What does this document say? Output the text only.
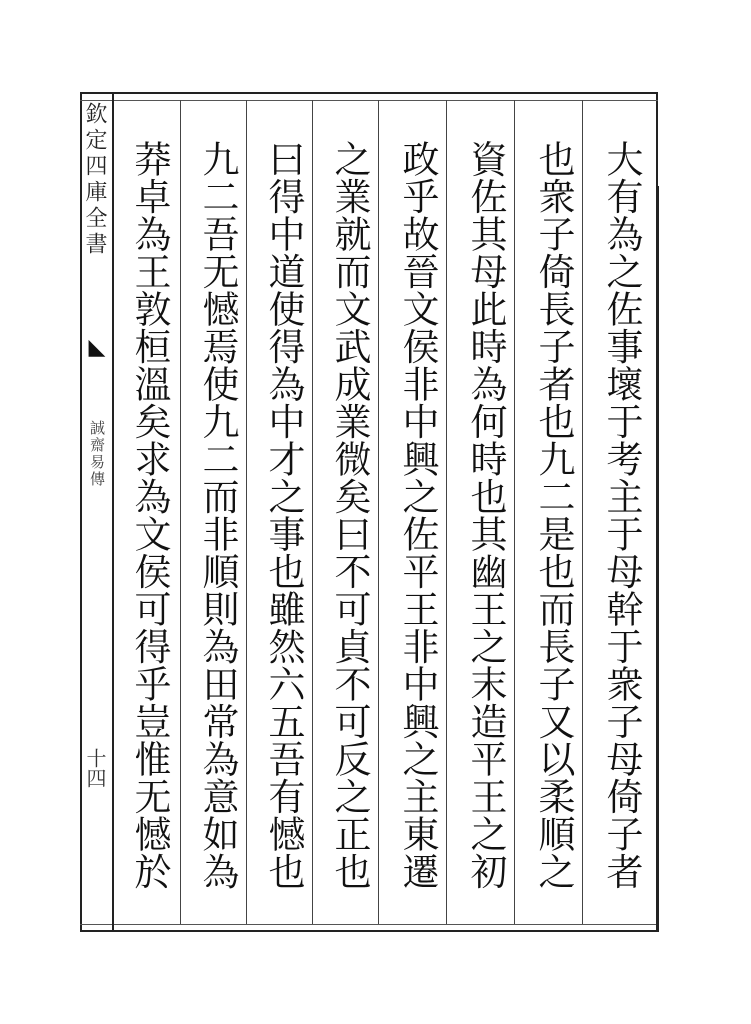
欽定四庫全書
◣
誠齋易傳
十四	大有為之佐事壞于考主于母幹于衆子母倚子者
也衆子倚長子者也九二是也而長子又以柔順之
資佐其母此時為何時也其幽王之末造平王之初
政乎故晉文侯非中興之佐平王非中興之主東遷
之業就而文武成業微矣曰不可貞不可反之正也
曰得中道使得為中才之事也雖然六五吾有憾也
九二吾无憾焉使九二而非順則為田常為意如為
莽卓為王敦桓溫矣求為文侯可得乎豈惟无憾於
